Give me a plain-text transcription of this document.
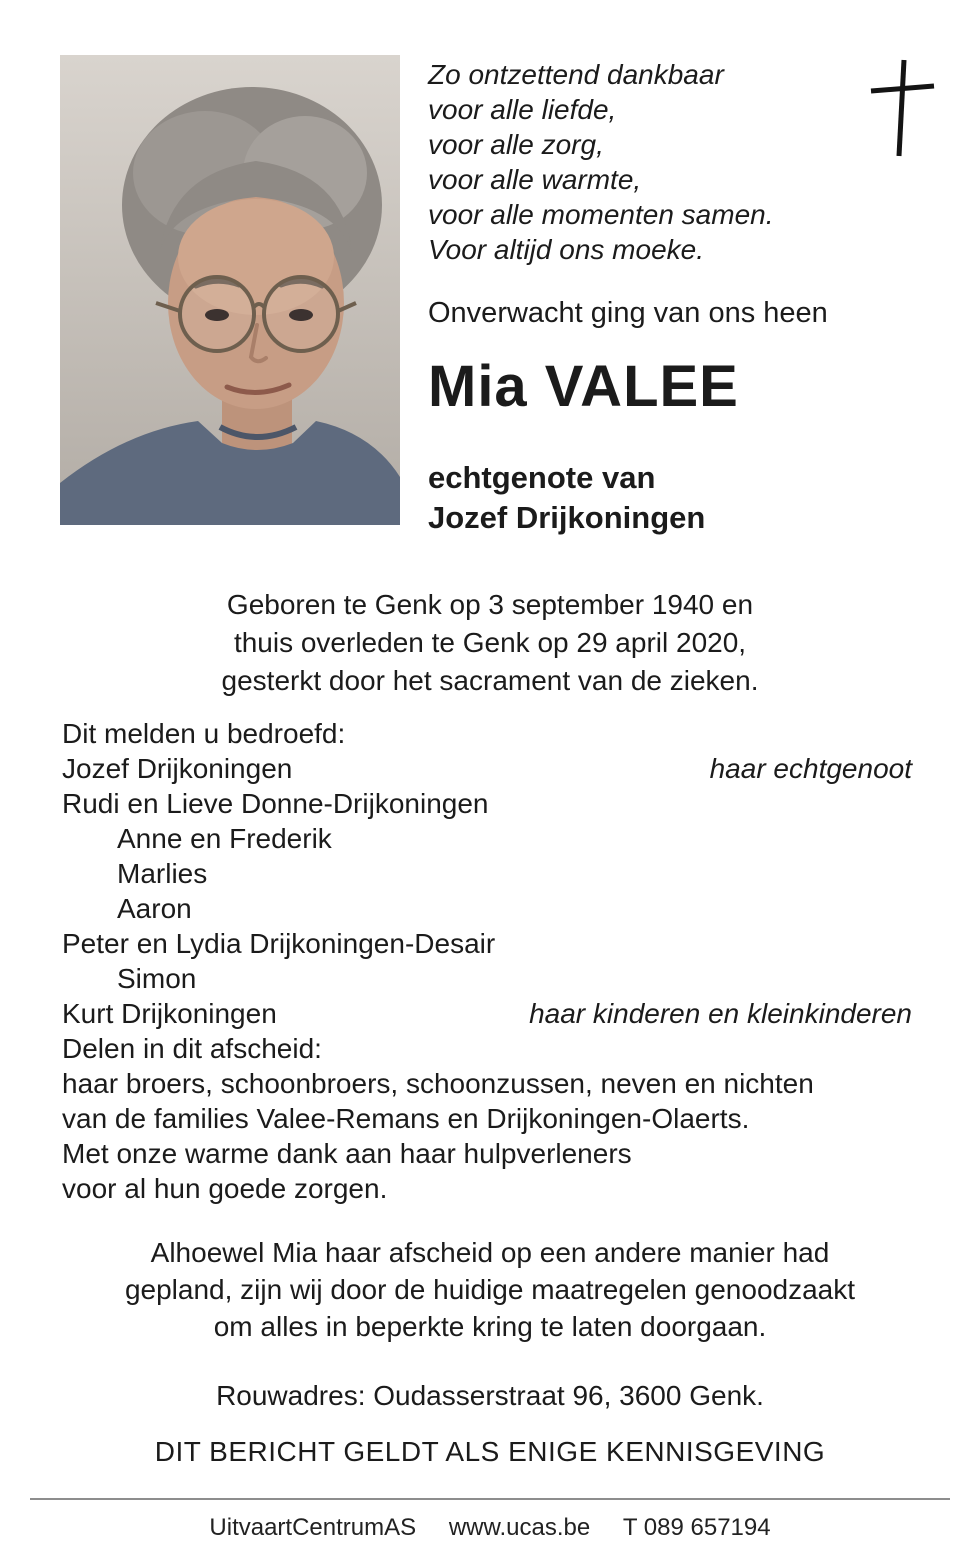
Zo ontzettend dankbaar
voor alle liefde,
voor alle zorg,
voor alle warmte,
voor alle momenten samen.
Voor altijd ons moeke.
Onverwacht ging van ons heen
Mia VALEE
echtgenote van
Jozef Drijkoningen
Geboren te Genk op 3 september 1940 en
thuis overleden te Genk op 29 april 2020,
gesterkt door het sacrament van de zieken.
Dit melden u bedroefd:
Jozef Drijkoningen	haar echtgenoot
Rudi en Lieve Donne-Drijkoningen
Anne en Frederik
Marlies
Aaron
Peter en Lydia Drijkoningen-Desair
Simon
Kurt Drijkoningen	haar kinderen en kleinkinderen
Delen in dit afscheid:
haar broers, schoonbroers, schoonzussen, neven en nichten
van de families Valee-Remans en Drijkoningen-Olaerts.
Met onze warme dank aan haar hulpverleners
voor al hun goede zorgen.
Alhoewel Mia haar afscheid op een andere manier had
gepland, zijn wij door de huidige maatregelen genoodzaakt
om alles in beperkte kring te laten doorgaan.
Rouwadres: Oudasserstraat 96, 3600 Genk.
DIT BERICHT GELDT ALS ENIGE KENNISGEVING
UitvaartCentrumAS www.ucas.be T 089 657194
